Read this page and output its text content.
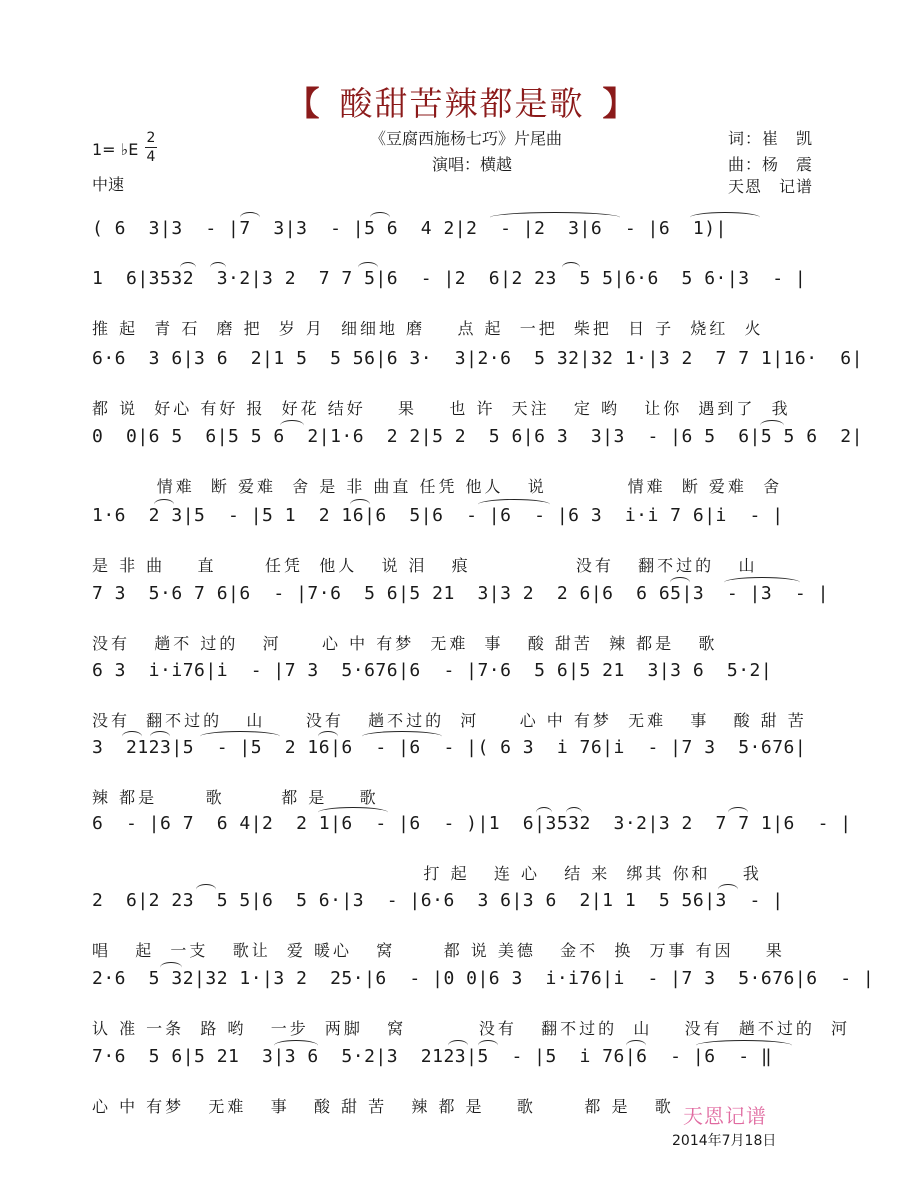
【 酸甜苦辣都是歌 】
1= ♭E
2
4
中速
《豆腐西施杨七巧》片尾曲
演唱：横越
词：崔　凯
曲：杨　震
天恩　记谱
( 6  3|3  - |7  3|3  - |5 6  4 2|2  - |2  3|6  - |6  1)|
1  6|3532  3·2|3 2  7 7 5|6  - |2  6|2 23  5 5|6·6  5 6·|3  - |
推 起  青 石  磨 把  岁 月  细细地 磨    点 起  一把  柴把  日 子  烧红  火
6·6  3 6|3 6  2|1 5  5 56|6 3·  3|2·6  5 32|32 1·|3 2  7 7 1|16·  6|
都 说  好心 有好 报  好花 结好    果    也 许  天注   定 哟   让你  遇到了  我
0  0|6 5  6|5 5 6  2|1·6  2 2|5 2  5 6|6 3  3|3  - |6 5  6|5 5 6  2|
情难  断 爱难  舍 是 非 曲直 任凭 他人   说          情难  断 爱难  舍
1·6  2 3|5  - |5 1  2 16|6  5|6  - |6  - |6 3  i·i 7 6|i  - |
是 非 曲    直      任凭  他人   说 泪   痕             没有   翻不过的   山
7 3  5·6 7 6|6  - |7·6  5 6|5 21  3|3 2  2 6|6  6 65|3  - |3  - |
没有   趟不 过的   河     心 中 有梦  无难  事   酸 甜苦  辣 都是   歌
6 3  i·i76|i  - |7 3  5·676|6  - |7·6  5 6|5 21  3|3 6  5·2|
没有  翻不过的   山     没有   趟不过的  河     心 中 有梦  无难   事   酸 甜 苦
3  2123|5  - |5  2 16|6  - |6  - |( 6 3  i 76|i  - |7 3  5·676|
辣 都是      歌       都 是    歌
6  - |6 7  6 4|2  2 1|6  - |6  - )|1  6|3532  3·2|3 2  7 7 1|6  - |
打 起   连 心   结 来  绑其 你和    我
2  6|2 23  5 5|6  5 6·|3  - |6·6  3 6|3 6  2|1 1  5 56|3  - |
唱   起  一支   歌让  爱 暖心   窝      都 说 美德   金不  换  万事 有因    果
2·6  5 32|32 1·|3 2  25·|6  - |0 0|6 3  i·i76|i  - |7 3  5·676|6  - |
认 准 一条  路 哟   一步  两脚   窝         没有   翻不过的  山    没有  趟不过的  河
7·6  5 6|5 21  3|3 6  5·2|3  2123|5  - |5  i 76|6  - |6  - ‖
心 中 有梦   无难   事   酸 甜 苦   辣 都 是    歌      都 是   歌 天恩记谱
2014年7月18日
